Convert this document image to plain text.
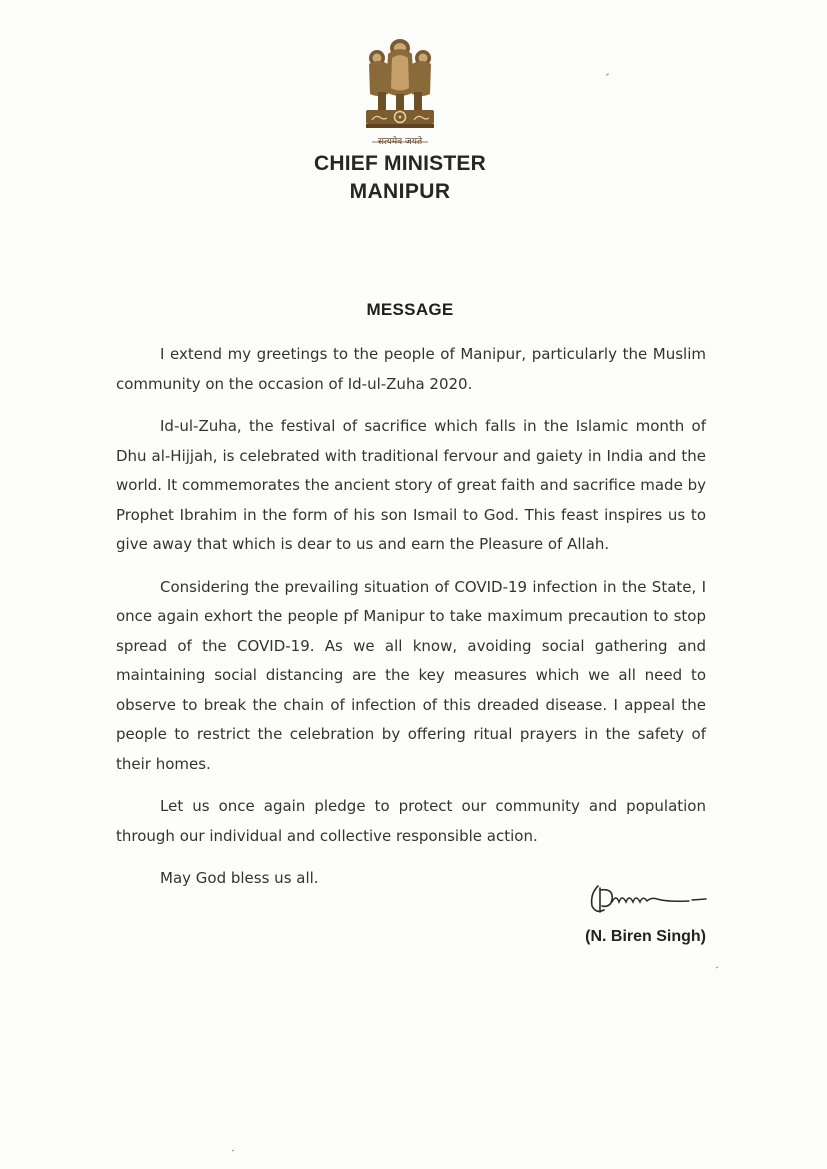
सत्यमेव जयते
CHIEF MINISTER
MANIPUR
MESSAGE

I extend my greetings to the people of Manipur, particularly the Muslim community on the occasion of Id-ul-Zuha 2020.

Id-ul-Zuha, the festival of sacrifice which falls in the Islamic month of Dhu al-Hijjah, is celebrated with traditional fervour and gaiety in India and the world. It commemorates the ancient story of great faith and sacrifice made by Prophet Ibrahim in the form of his son Ismail to God. This feast inspires us to give away that which is dear to us and earn the Pleasure of Allah.

Considering the prevailing situation of COVID-19 infection in the State, I once again exhort the people pf Manipur to take maximum precaution to stop spread of the COVID-19. As we all know, avoiding social gathering and maintaining social distancing are the key measures which we all need to observe to break the chain of infection of this dreaded disease. I appeal the people to restrict the celebration by offering ritual prayers in the safety of their homes.

Let us once again pledge to protect our community and population through our individual and collective responsible action.

May God bless us all.

(N. Biren Singh)
